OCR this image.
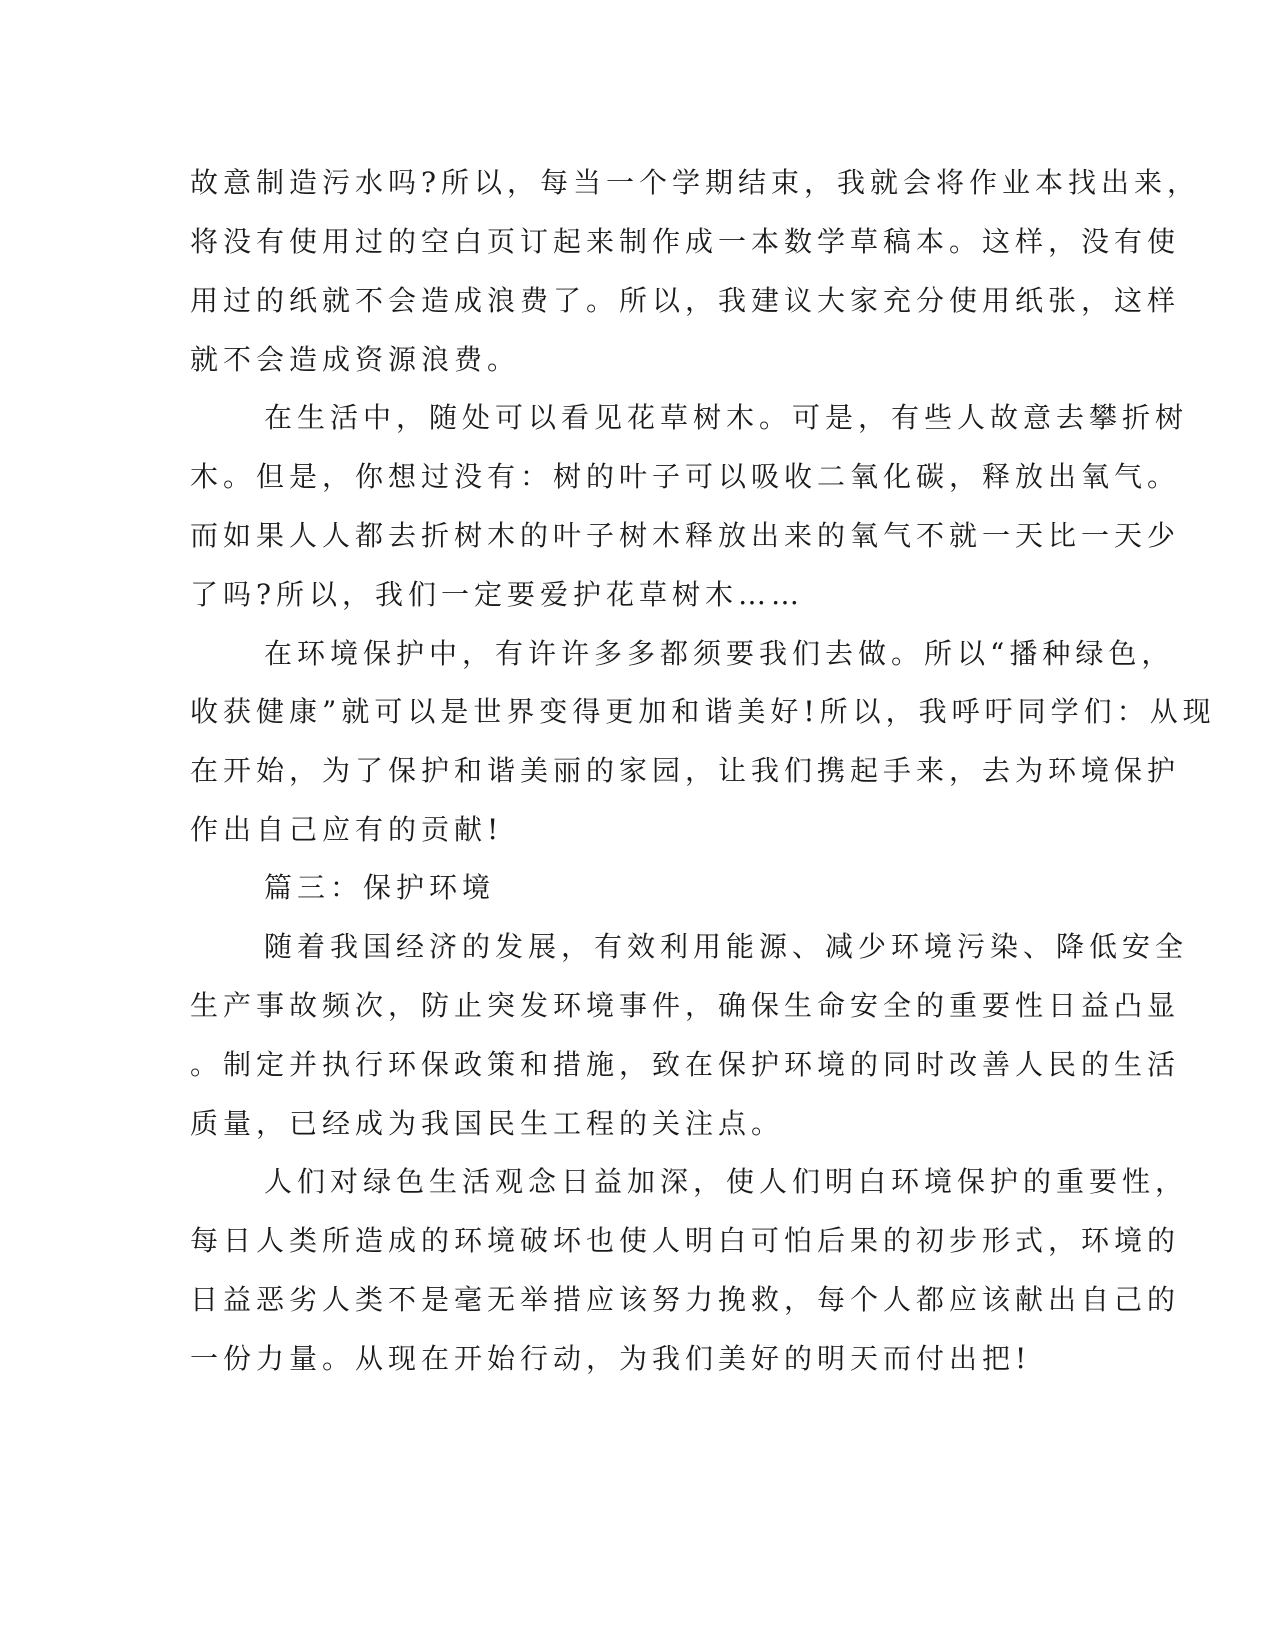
故意制造污水吗?所以，每当一个学期结束，我就会将作业本找出来，
将没有使用过的空白页订起来制作成一本数学草稿本。这样，没有使
用过的纸就不会造成浪费了。所以，我建议大家充分使用纸张，这样
就不会造成资源浪费。
在生活中，随处可以看见花草树木。可是，有些人故意去攀折树
木。但是，你想过没有：树的叶子可以吸收二氧化碳，释放出氧气。
而如果人人都去折树木的叶子树木释放出来的氧气不就一天比一天少
了吗?所以，我们一定要爱护花草树木……
在环境保护中，有许许多多都须要我们去做。所以“播种绿色，
收获健康”就可以是世界变得更加和谐美好!所以，我呼吁同学们：从现
在开始，为了保护和谐美丽的家园，让我们携起手来，去为环境保护
作出自己应有的贡献!
篇三：保护环境
随着我国经济的发展，有效利用能源、减少环境污染、降低安全
生产事故频次，防止突发环境事件，确保生命安全的重要性日益凸显
。制定并执行环保政策和措施，致在保护环境的同时改善人民的生活
质量，已经成为我国民生工程的关注点。
人们对绿色生活观念日益加深，使人们明白环境保护的重要性，
每日人类所造成的环境破坏也使人明白可怕后果的初步形式，环境的
日益恶劣人类不是毫无举措应该努力挽救，每个人都应该献出自己的
一份力量。从现在开始行动，为我们美好的明天而付出把!
